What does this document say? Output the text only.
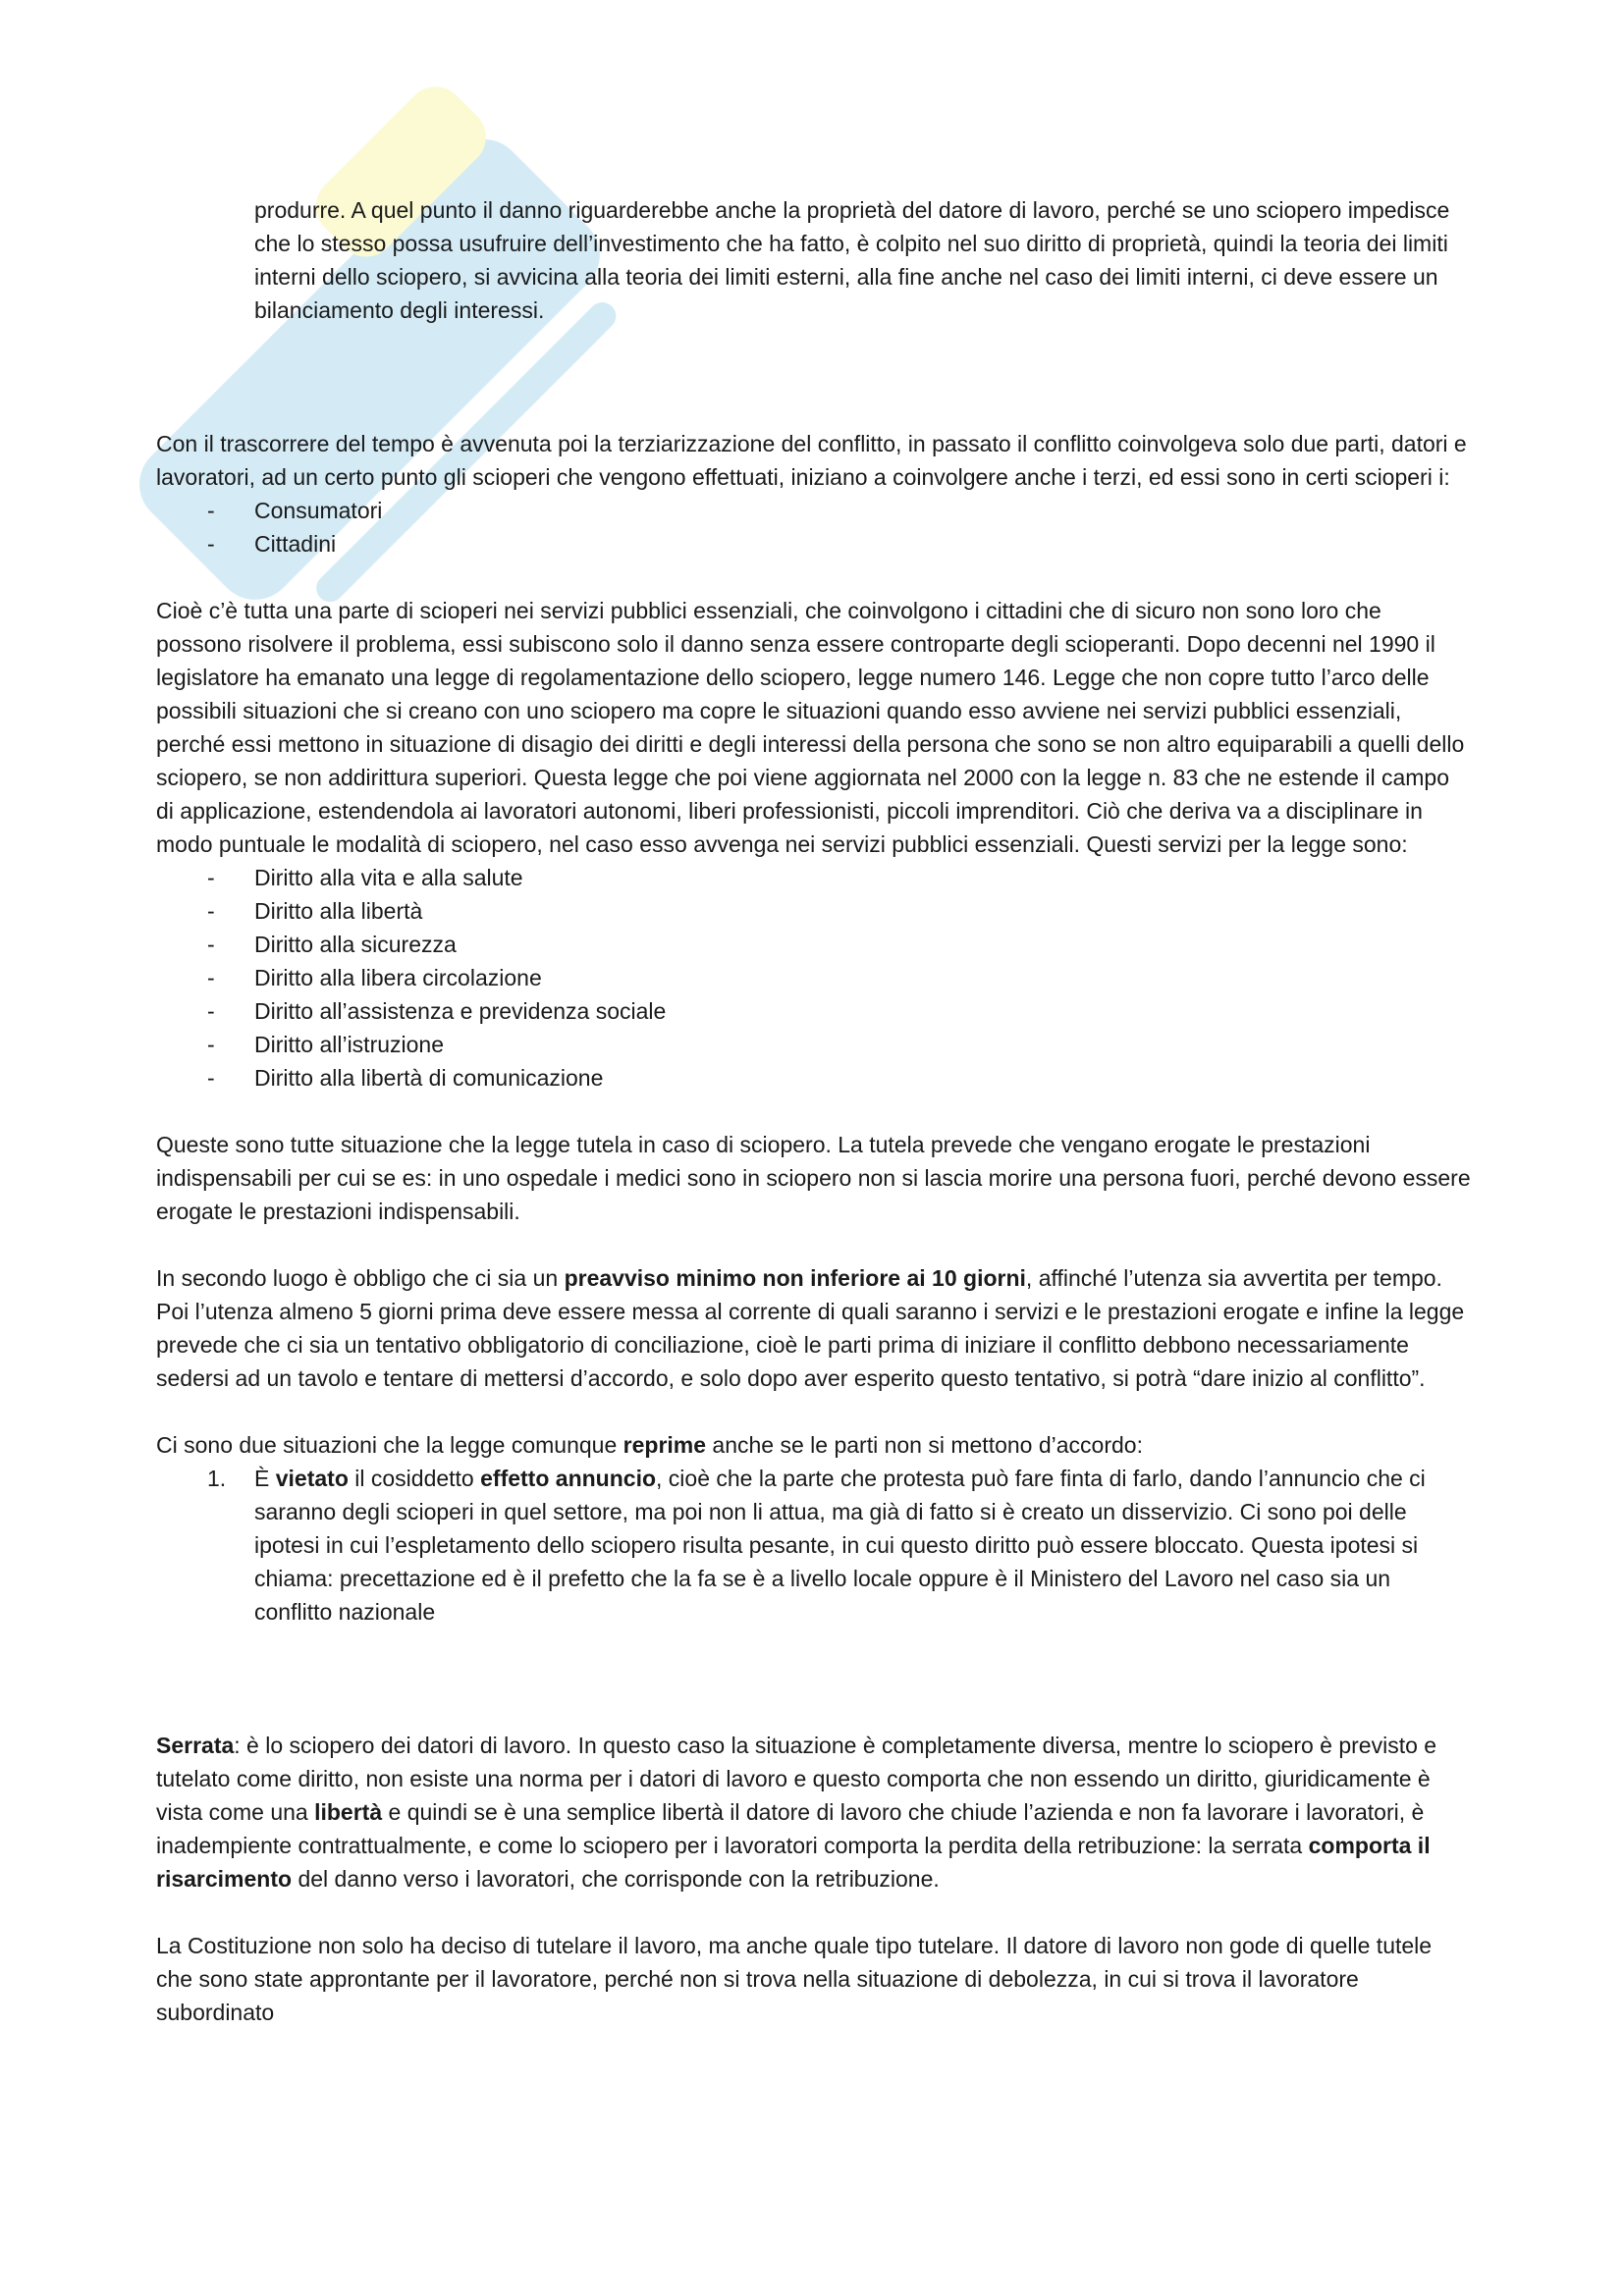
produrre. A quel punto il danno riguarderebbe anche la proprietà del datore di lavoro, perché se uno sciopero impedisce che lo stesso possa usufruire dell’investimento che ha fatto, è colpito nel suo diritto di proprietà, quindi la teoria dei limiti interni dello sciopero, si avvicina alla teoria dei limiti esterni, alla fine anche nel caso dei limiti interni, ci deve essere un bilanciamento degli interessi.

Con il trascorrere del tempo è avvenuta poi la terziarizzazione del conflitto, in passato il conflitto coinvolgeva solo due parti, datori e lavoratori, ad un certo punto gli scioperi che vengono effettuati, iniziano a coinvolgere anche i terzi, ed essi sono in certi scioperi i:

- Consumatori
- Cittadini

Cioè c’è tutta una parte di scioperi nei servizi pubblici essenziali, che coinvolgono i cittadini che di sicuro non sono loro che possono risolvere il problema, essi subiscono solo il danno senza essere controparte degli scioperanti. Dopo decenni nel 1990 il legislatore ha emanato una legge di regolamentazione dello sciopero, legge numero 146. Legge che non copre tutto l’arco delle possibili situazioni che si creano con uno sciopero ma copre le situazioni quando esso avviene nei servizi pubblici essenziali, perché essi mettono in situazione di disagio dei diritti e degli interessi della persona che sono se non altro equiparabili a quelli dello sciopero, se non addirittura superiori. Questa legge che poi viene aggiornata nel 2000 con la legge n. 83 che ne estende il campo di applicazione, estendendola ai lavoratori autonomi, liberi professionisti, piccoli imprenditori. Ciò che deriva va a disciplinare in modo puntuale le modalità di sciopero, nel caso esso avvenga nei servizi pubblici essenziali. Questi servizi per la legge sono:

- Diritto alla vita e alla salute
- Diritto alla libertà
- Diritto alla sicurezza
- Diritto alla libera circolazione
- Diritto all’assistenza e previdenza sociale
- Diritto all’istruzione
- Diritto alla libertà di comunicazione

Queste sono tutte situazione che la legge tutela in caso di sciopero. La tutela prevede che vengano erogate le prestazioni indispensabili per cui se es: in uno ospedale i medici sono in sciopero non si lascia morire una persona fuori, perché devono essere erogate le prestazioni indispensabili.

In secondo luogo è obbligo che ci sia un preavviso minimo non inferiore ai 10 giorni, affinché l’utenza sia avvertita per tempo. Poi l’utenza almeno 5 giorni prima deve essere messa al corrente di quali saranno i servizi e le prestazioni erogate e infine la legge prevede che ci sia un tentativo obbligatorio di conciliazione, cioè le parti prima di iniziare il conflitto debbono necessariamente sedersi ad un tavolo e tentare di mettersi d’accordo, e solo dopo aver esperito questo tentativo, si potrà “dare inizio al conflitto”.

Ci sono due situazioni che la legge comunque reprime anche se le parti non si mettono d’accordo:

1. È vietato il cosiddetto effetto annuncio, cioè che la parte che protesta può fare finta di farlo, dando l’annuncio che ci saranno degli scioperi in quel settore, ma poi non li attua, ma già di fatto si è creato un disservizio. Ci sono poi delle ipotesi in cui l’espletamento dello sciopero risulta pesante, in cui questo diritto può essere bloccato. Questa ipotesi si chiama: precettazione ed è il prefetto che la fa se è a livello locale oppure è il Ministero del Lavoro nel caso sia un conflitto nazionale

Serrata: è lo sciopero dei datori di lavoro. In questo caso la situazione è completamente diversa, mentre lo sciopero è previsto e tutelato come diritto, non esiste una norma per i datori di lavoro e questo comporta che non essendo un diritto, giuridicamente è vista come una libertà e quindi se è una semplice libertà il datore di lavoro che chiude l’azienda e non fa lavorare i lavoratori, è inadempiente contrattualmente, e come lo sciopero per i lavoratori comporta la perdita della retribuzione: la serrata comporta il risarcimento del danno verso i lavoratori, che corrisponde con la retribuzione.

La Costituzione non solo ha deciso di tutelare il lavoro, ma anche quale tipo tutelare. Il datore di lavoro non gode di quelle tutele che sono state approntante per il lavoratore, perché non si trova nella situazione di debolezza, in cui si trova il lavoratore subordinato
